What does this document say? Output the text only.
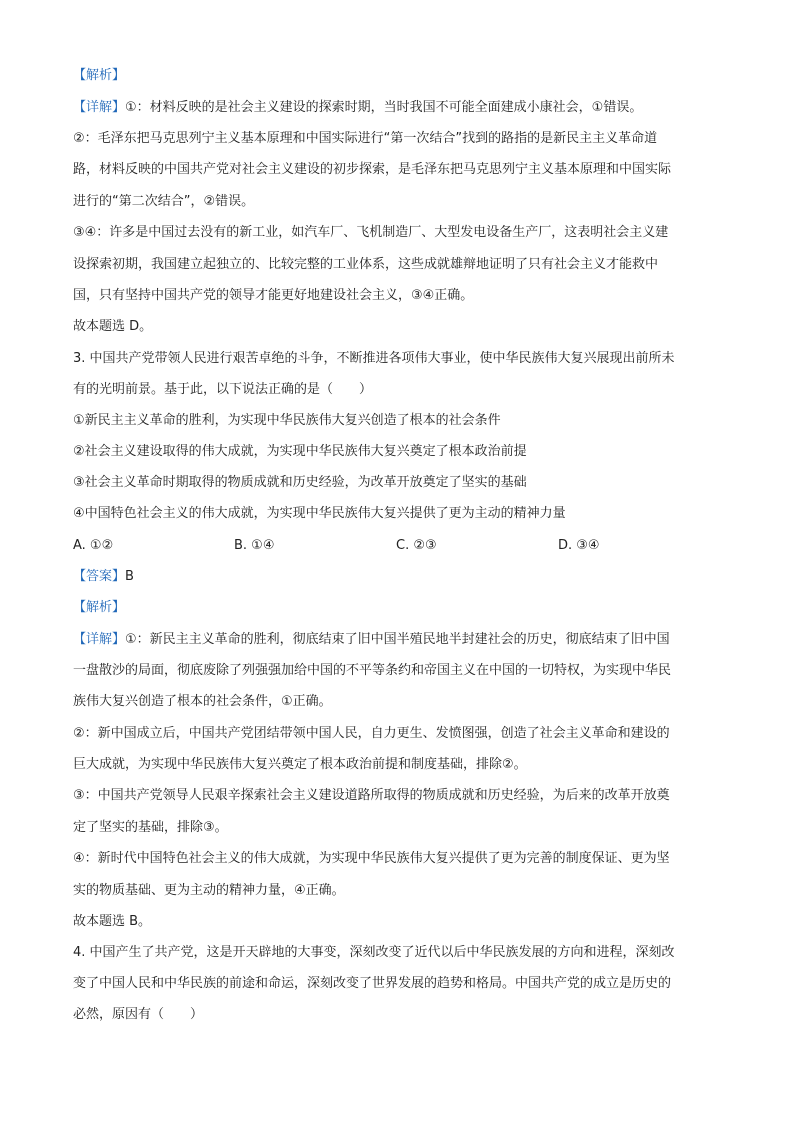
【解析】
【详解】①：材料反映的是社会主义建设的探索时期，当时我国不可能全面建成小康社会，①错误。
②：毛泽东把马克思列宁主义基本原理和中国实际进行“第一次结合”找到的路指的是新民主主义革命道
路，材料反映的中国共产党对社会主义建设的初步探索，是毛泽东把马克思列宁主义基本原理和中国实际
进行的“第二次结合”，②错误。
③④：许多是中国过去没有的新工业，如汽车厂、飞机制造厂、大型发电设备生产厂，这表明社会主义建
设探索初期，我国建立起独立的、比较完整的工业体系，这些成就雄辩地证明了只有社会主义才能救中
国，只有坚持中国共产党的领导才能更好地建设社会主义，③④正确。
故本题选 D。
3. 中国共产党带领人民进行艰苦卓绝的斗争，不断推进各项伟大事业，使中华民族伟大复兴展现出前所未
有的光明前景。基于此，以下说法正确的是（　　）
①新民主主义革命的胜利，为实现中华民族伟大复兴创造了根本的社会条件
②社会主义建设取得的伟大成就，为实现中华民族伟大复兴奠定了根本政治前提
③社会主义革命时期取得的物质成就和历史经验，为改革开放奠定了坚实的基础
④中国特色社会主义的伟大成就，为实现中华民族伟大复兴提供了更为主动的精神力量
A. ①②	B. ①④	C. ②③	D. ③④
【答案】B
【解析】
【详解】①：新民主主义革命的胜利，彻底结束了旧中国半殖民地半封建社会的历史，彻底结束了旧中国
一盘散沙的局面，彻底废除了列强强加给中国的不平等条约和帝国主义在中国的一切特权，为实现中华民
族伟大复兴创造了根本的社会条件，①正确。
②：新中国成立后，中国共产党团结带领中国人民，自力更生、发愤图强，创造了社会主义革命和建设的
巨大成就，为实现中华民族伟大复兴奠定了根本政治前提和制度基础，排除②。
③：中国共产党领导人民艰辛探索社会主义建设道路所取得的物质成就和历史经验，为后来的改革开放奠
定了坚实的基础，排除③。
④：新时代中国特色社会主义的伟大成就，为实现中华民族伟大复兴提供了更为完善的制度保证、更为坚
实的物质基础、更为主动的精神力量，④正确。
故本题选 B。
4. 中国产生了共产党，这是开天辟地的大事变，深刻改变了近代以后中华民族发展的方向和进程，深刻改
变了中国人民和中华民族的前途和命运，深刻改变了世界发展的趋势和格局。中国共产党的成立是历史的
必然，原因有（　　）
